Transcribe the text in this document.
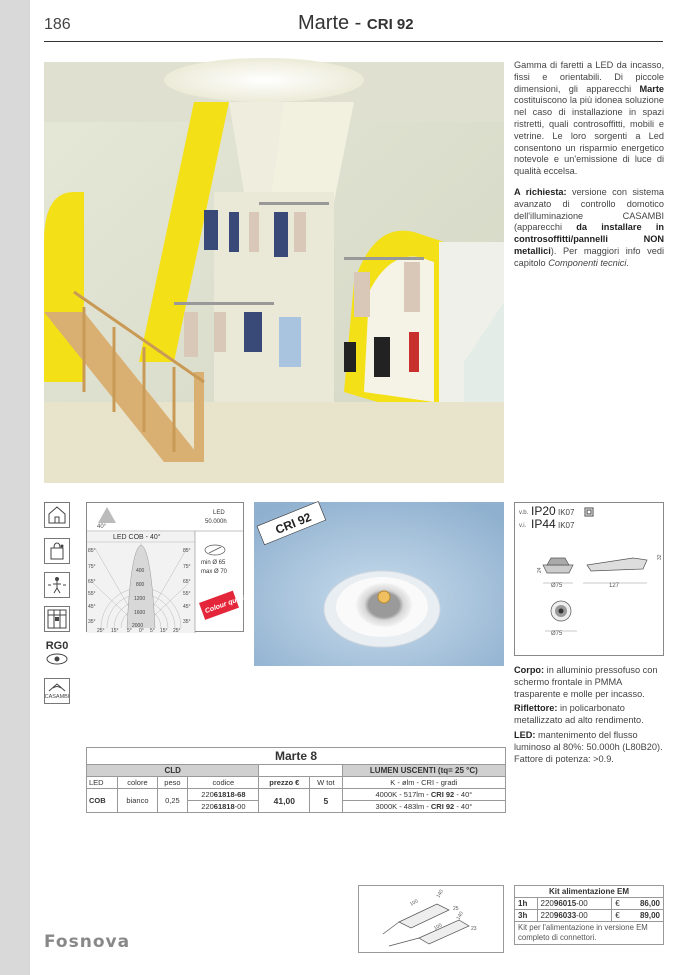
186	Marte - CRI 92

Gamma di faretti a LED da incasso, fissi e orientabili. Di piccole dimensioni, gli apparecchi Marte costituiscono la più idonea soluzione nel caso di installazione in spazi ristretti, quali controsoffitti, mobili e vetrine. Le loro sorgenti a Led consentono un risparmio energetico notevole e un'emissione di luce di qualità eccelsa.

A richiesta: versione con sistema avanzato di controllo domotico dell'illuminazione CASAMBI (apparecchi da installare in controsoffitti/pannelli NON metallici). Per maggiori info vedi capitolo Componenti tecnici.

RG0
CASAMBI
40°
LED
50.000h
LED COB - 40°
400
800
1200
1600
2000
85°
75°
65°
55°
45°
35°
85°
75°
65°
55°
45°
35°
25° 15° 5° 0° 5° 15° 25°
min Ø 65
max Ø 70
Colour quality
CRI 92	v.b. IP20 IK07
v.i. IP44 IK07
24
Ø75	127
32
Ø75

Corpo: in alluminio pressofuso con schermo frontale in PMMA trasparente e molle per incasso.

Riflettore: in policarbonato metallizzato ad alto rendimento.

LED: mantenimento del flusso luminoso al 80%: 50.000h (L80B20). Fattore di potenza: >0.9.

Marte 8						
CLD						LUMEN USCENTI (tq= 25 °C)
LED	colore	peso	codice	prezzo €	W tot	K - ølm - CRI - gradi
COB	bianco	0,25	22061818-68	41,00	5	4000K - 517lm - CRI 92 - 40°
			22061818-00			3000K - 483lm - CRI 92 - 40°
100
140
25
100
140
23
Kit alimentazione EM			
1h	22096015-00	€	86,00
3h	22096033-00	€	89,00
Kit per l'alimentazione in versione EM completo di connettori.			
Fosnova
